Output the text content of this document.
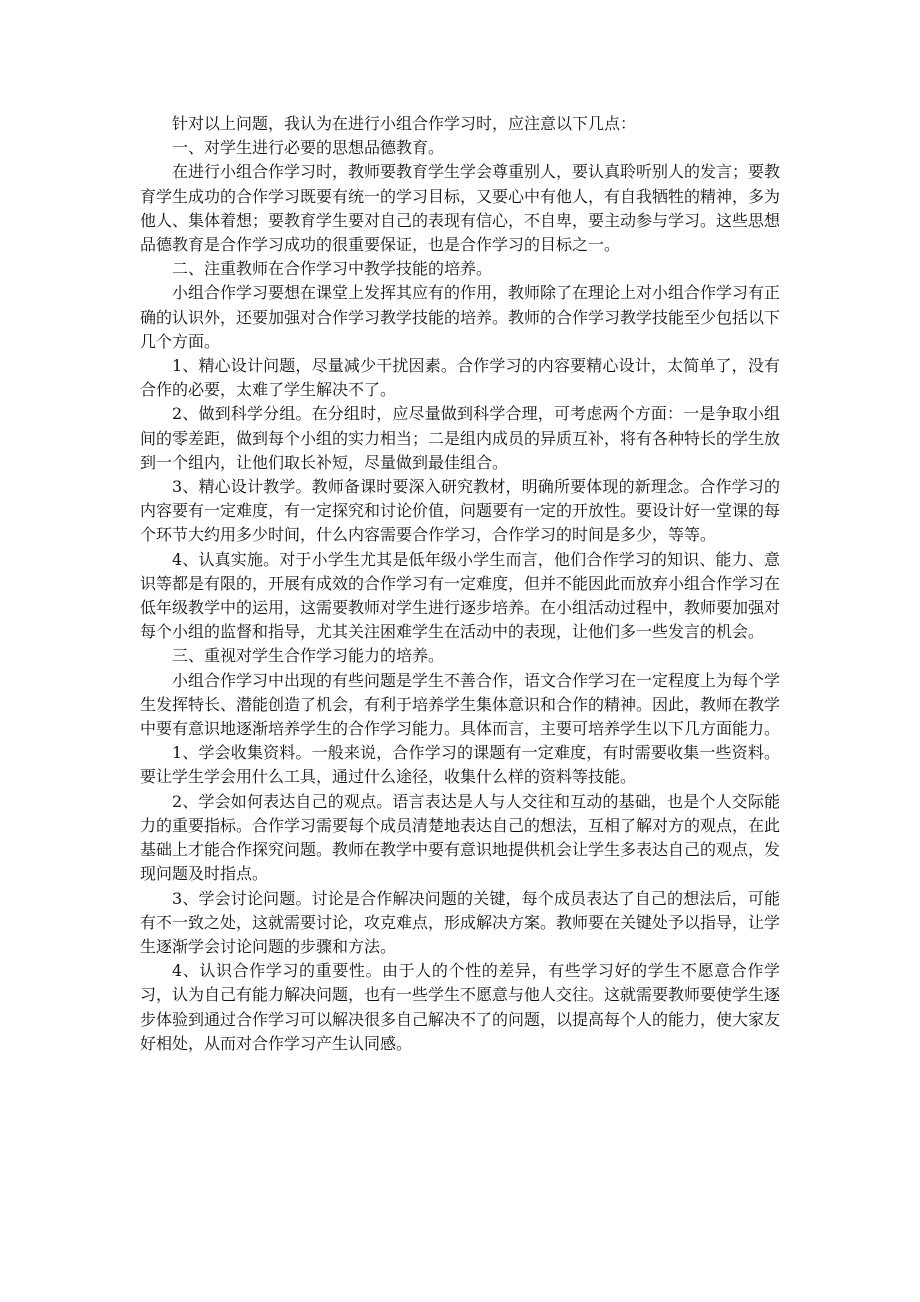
针对以上问题，我认为在进行小组合作学习时，应注意以下几点：

一、对学生进行必要的思想品德教育。

在进行小组合作学习时，教师要教育学生学会尊重别人，要认真聆听别人的发言；要教育学生成功的合作学习既要有统一的学习目标，又要心中有他人，有自我牺牲的精神，多为他人、集体着想；要教育学生要对自己的表现有信心，不自卑，要主动参与学习。这些思想品德教育是合作学习成功的很重要保证，也是合作学习的目标之一。

二、注重教师在合作学习中教学技能的培养。

小组合作学习要想在课堂上发挥其应有的作用，教师除了在理论上对小组合作学习有正确的认识外，还要加强对合作学习教学技能的培养。教师的合作学习教学技能至少包括以下几个方面。

1、精心设计问题，尽量减少干扰因素。合作学习的内容要精心设计，太简单了，没有合作的必要，太难了学生解决不了。

2、做到科学分组。在分组时，应尽量做到科学合理，可考虑两个方面：一是争取小组间的零差距，做到每个小组的实力相当；二是组内成员的异质互补，将有各种特长的学生放到一个组内，让他们取长补短，尽量做到最佳组合。

3、精心设计教学。教师备课时要深入研究教材，明确所要体现的新理念。合作学习的内容要有一定难度，有一定探究和讨论价值，问题要有一定的开放性。要设计好一堂课的每个环节大约用多少时间，什么内容需要合作学习，合作学习的时间是多少，等等。

4、认真实施。对于小学生尤其是低年级小学生而言，他们合作学习的知识、能力、意识等都是有限的，开展有成效的合作学习有一定难度，但并不能因此而放弃小组合作学习在低年级教学中的运用，这需要教师对学生进行逐步培养。在小组活动过程中，教师要加强对每个小组的监督和指导，尤其关注困难学生在活动中的表现，让他们多一些发言的机会。

三、重视对学生合作学习能力的培养。

小组合作学习中出现的有些问题是学生不善合作，语文合作学习在一定程度上为每个学生发挥特长、潜能创造了机会，有利于培养学生集体意识和合作的精神。因此，教师在教学中要有意识地逐渐培养学生的合作学习能力。具体而言，主要可培养学生以下几方面能力。

1、学会收集资料。一般来说，合作学习的课题有一定难度，有时需要收集一些资料。要让学生学会用什么工具，通过什么途径，收集什么样的资料等技能。

2、学会如何表达自己的观点。语言表达是人与人交往和互动的基础，也是个人交际能力的重要指标。合作学习需要每个成员清楚地表达自己的想法，互相了解对方的观点，在此基础上才能合作探究问题。教师在教学中要有意识地提供机会让学生多表达自己的观点，发现问题及时指点。

3、学会讨论问题。讨论是合作解决问题的关键，每个成员表达了自己的想法后，可能有不一致之处，这就需要讨论，攻克难点，形成解决方案。教师要在关键处予以指导，让学生逐渐学会讨论问题的步骤和方法。

4、认识合作学习的重要性。由于人的个性的差异，有些学习好的学生不愿意合作学习，认为自己有能力解决问题，也有一些学生不愿意与他人交往。这就需要教师要使学生逐步体验到通过合作学习可以解决很多自己解决不了的问题，以提高每个人的能力，使大家友好相处，从而对合作学习产生认同感。
